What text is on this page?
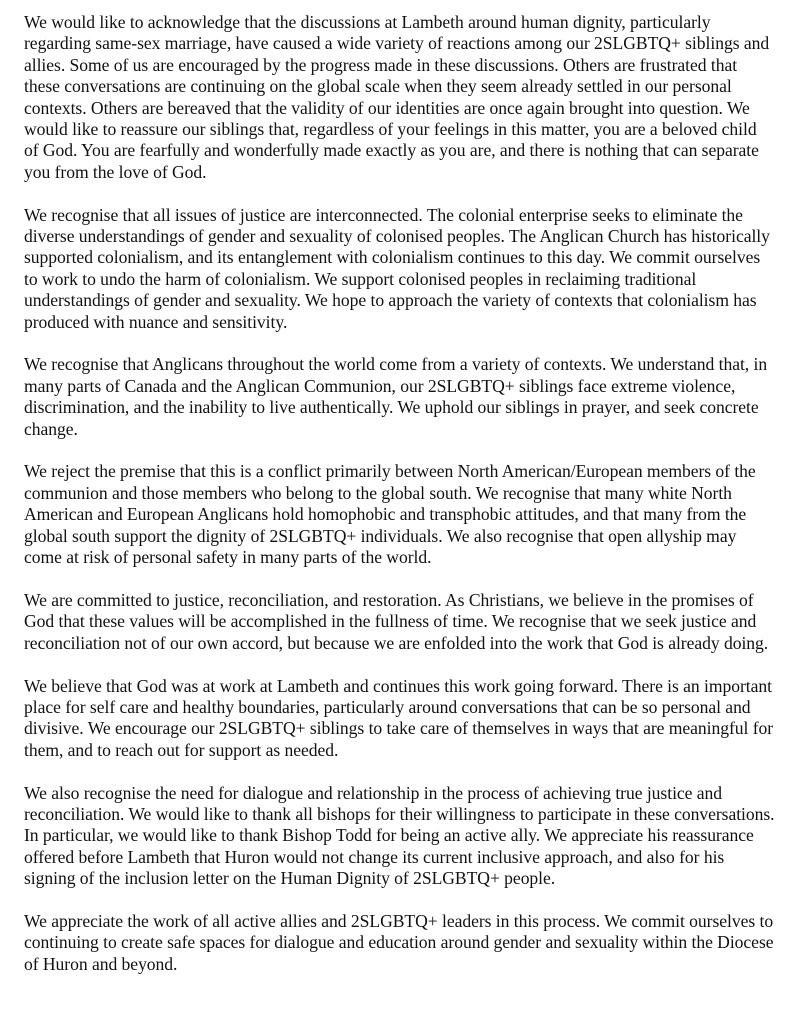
We would like to acknowledge that the discussions at Lambeth around human dignity, particularly regarding same-sex marriage, have caused a wide variety of reactions among our 2SLGBTQ+ siblings and allies. Some of us are encouraged by the progress made in these discussions. Others are frustrated that these conversations are continuing on the global scale when they seem already settled in our personal contexts. Others are bereaved that the validity of our identities are once again brought into question. We would like to reassure our siblings that, regardless of your feelings in this matter, you are a beloved child of God. You are fearfully and wonderfully made exactly as you are, and there is nothing that can separate you from the love of God.

We recognise that all issues of justice are interconnected. The colonial enterprise seeks to eliminate the diverse understandings of gender and sexuality of colonised peoples. The Anglican Church has historically supported colonialism, and its entanglement with colonialism continues to this day. We commit ourselves to work to undo the harm of colonialism. We support colonised peoples in reclaiming traditional understandings of gender and sexuality. We hope to approach the variety of contexts that colonialism has produced with nuance and sensitivity.

We recognise that Anglicans throughout the world come from a variety of contexts. We understand that, in many parts of Canada and the Anglican Communion, our 2SLGBTQ+ siblings face extreme violence, discrimination, and the inability to live authentically. We uphold our siblings in prayer, and seek concrete change.

We reject the premise that this is a conflict primarily between North American/European members of the communion and those members who belong to the global south. We recognise that many white North American and European Anglicans hold homophobic and transphobic attitudes, and that many from the global south support the dignity of 2SLGBTQ+ individuals. We also recognise that open allyship may come at risk of personal safety in many parts of the world.

We are committed to justice, reconciliation, and restoration. As Christians, we believe in the promises of God that these values will be accomplished in the fullness of time. We recognise that we seek justice and reconciliation not of our own accord, but because we are enfolded into the work that God is already doing.

We believe that God was at work at Lambeth and continues this work going forward. There is an important place for self care and healthy boundaries, particularly around conversations that can be so personal and divisive. We encourage our 2SLGBTQ+ siblings to take care of themselves in ways that are meaningful for them, and to reach out for support as needed.

We also recognise the need for dialogue and relationship in the process of achieving true justice and reconciliation. We would like to thank all bishops for their willingness to participate in these conversations. In particular, we would like to thank Bishop Todd for being an active ally. We appreciate his reassurance offered before Lambeth that Huron would not change its current inclusive approach, and also for his signing of the inclusion letter on the Human Dignity of 2SLGBTQ+ people.

We appreciate the work of all active allies and 2SLGBTQ+ leaders in this process. We commit ourselves to continuing to create safe spaces for dialogue and education around gender and sexuality within the Diocese of Huron and beyond.
